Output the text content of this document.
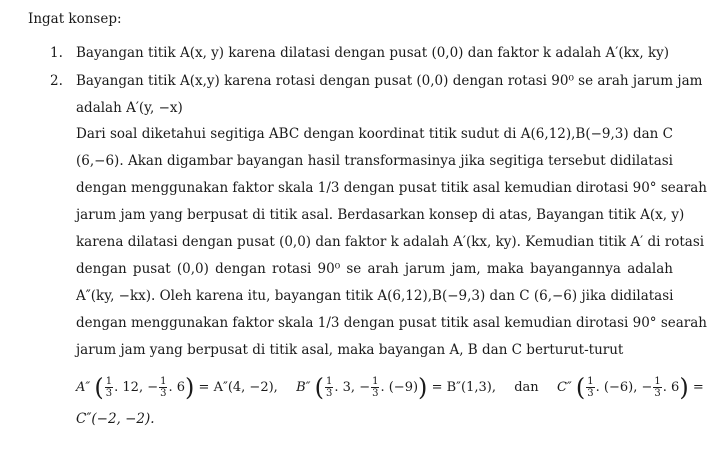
Ingat konsep:
1. Bayangan titik A(x, y) karena dilatasi dengan pusat (0,0) dan faktor k adalah A′(kx, ky)
2. Bayangan titik A(x,y) karena rotasi dengan pusat (0,0) dengan rotasi 90⁰ se arah jarum jam
adalah A′(y, −x)
Dari soal diketahui segitiga ABC dengan koordinat titik sudut di A(6,12),B(−9,3) dan C
(6,−6). Akan digambar bayangan hasil transformasinya jika segitiga tersebut didilatasi
dengan menggunakan faktor skala 1/3 dengan pusat titik asal kemudian dirotasi 90° searah
jarum jam yang berpusat di titik asal. Berdasarkan konsep di atas, Bayangan titik A(x, y)
karena dilatasi dengan pusat (0,0) dan faktor k adalah A′(kx, ky). Kemudian titik A′ di rotasi
dengan pusat (0,0) dengan rotasi 90⁰ se arah jarum jam, maka bayangannya adalah
A″(ky, −kx). Oleh karena itu, bayangan titik A(6,12),B(−9,3) dan C (6,−6) jika didilatasi
dengan menggunakan faktor skala 1/3 dengan pusat titik asal kemudian dirotasi 90° searah
jarum jam yang berpusat di titik asal, maka bayangan A, B dan C berturut-turut
A″ ( $\frac{1}{3}$ . 12, − $\frac{1}{3}$ . 6) = A″(4, −2), B″ ( $\frac{1}{3}$ . 3, − $\frac{1}{3}$ . (−9)) = B″(1,3), dan C″ ( $\frac{1}{3}$ . (−6), − $\frac{1}{3}$ . 6) =
C″(−2, −2).
